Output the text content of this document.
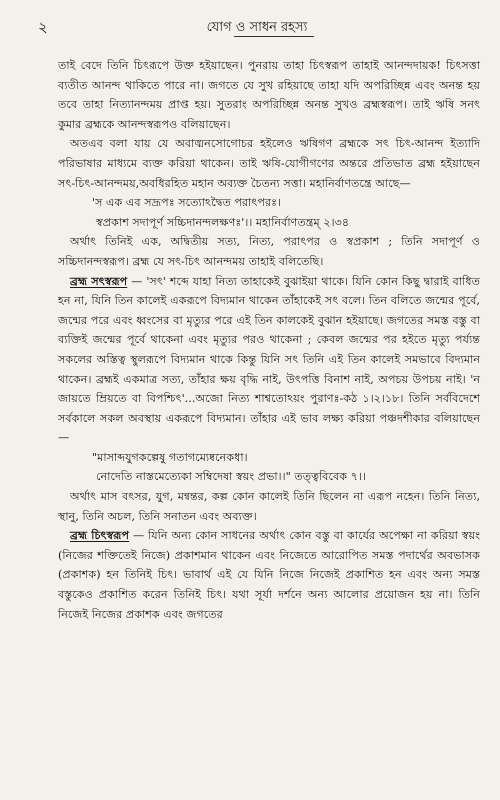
২	যোগ ও সাধন রহস্য

তাই বেদে তিনি চিৎরূপে উক্ত হইয়াছেন। পুনরায় তাহা চিৎস্বরূপ তাহাই আনন্দদায়ক! চিৎসত্তা ব্যতীত আনন্দ থাকিতে পারে না। জগতে যে সুখ রহিয়াছে তাহা যদি অপরিচ্ছিন্ন এবং অনন্ত হয় তবে তাহা নিত্যানন্দময় প্রাপ্ত হয়। সুতরাং অপরিচ্ছিন্ন অনন্ত সুখও ব্রহ্মস্বরূপ। তাই ঋষি সনৎ কুমার ব্রহ্মকে আনন্দস্বরূপও বলিয়াছেন।

অতএব বলা যায় যে অবাঙ্মনসোগোচর হইলেও ঋষিগণ ব্রহ্মকে সৎ চিৎ-আনন্দ ইত্যাদি পরিভাষার মাধ্যমে ব্যক্ত করিয়া থাকেন। তাই ঋষি-যোগীগণের অন্তরে প্রতিভাত ব্রহ্ম হইয়াছেন সৎ-চিৎ-আনন্দময়,অবধিরহিত মহান অব্যক্ত চৈতন্য সত্তা। মহানির্বাণতন্ত্রে আছে—

'স এক এব সদ্রূপঃ সত্যোঽদ্বৈত পরাৎপরঃ।

স্বপ্রকাশ সদাপূর্ণ সচ্চিদানন্দলক্ষণঃ'।। মহানির্বাণতন্ত্রম্ ২।৩৪

অর্থাৎ তিনিই এক, অদ্বিতীয় সত্য, নিত্য, পরাৎপর ও স্বপ্রকাশ ; তিনি সদাপূর্ণ ও সচ্চিদানন্দস্বরূপ। ব্রহ্ম যে সৎ-চিৎ আনন্দময় তাহাই বলিতেছি।

ব্রহ্ম সৎস্বরূপ — 'সৎ' শব্দে যাহা নিত্য তাহাকেই বুঝাইয়া থাকে। যিনি কোন কিছু দ্বারাই বাধিত হন না, যিনি তিন কালেই একরূপে বিদ্যমান থাকেন তাঁহাকেই সৎ বলে। তিন বলিতে জন্মের পূর্বে, জন্মের পরে এবং ধ্বংসের বা মৃত্যুর পরে এই তিন কালকেই বুঝান হইয়াছে। জগতের সমস্ত বস্তু বা ব্যক্তিই জন্মের পূর্বে থাকেনা এবং মৃত্যুর পরও থাকেনা ; কেবল জন্মের পর হইতে মৃত্যু পর্য্যন্ত সকলের অস্তিত্ব স্থুলরূপে বিদ্যমান থাকে কিন্তু যিনি সৎ তিনি এই তিন কালেই সমভাবে বিদ্যমান থাকেন। ব্রহ্মই একমাত্র সত্য, তাঁহার ক্ষয় বৃদ্ধি নাই, উৎপত্তি বিনাশ নাই, অপচয় উপচয় নাই। 'ন জায়তে ম্রিয়তে বা বিপশ্চিৎ'...অজো নিত্য শাশ্বতোঽয়ং পুরাণঃ-কঠ ১।২।১৮। তিনি সর্ববিদেশে সর্বকালে সকল অবস্থায় একরূপে বিদ্যমান। তাঁহার এই ভাব লক্ষ্য করিয়া পঞ্চদশীকার বলিয়াছেন—

"মাসাব্দযুগকল্পেষু গতাগম্যেষ্বনেকধা।

নোদেতি নাস্তমেত্যেকা সম্বিদেষা স্বয়ং প্রভা।।" তত্ত্ববিবেক ৭।।

অর্থাৎ মাস বৎসর, যুগ, মন্বন্তর, কল্প কোন কালেই তিনি ছিলেন না এরূপ নহেন। তিনি নিত্য, স্থানু, তিনি অচল, তিনি সনাতন এবং অব্যক্ত।

ব্রহ্ম চিৎস্বরূপ — যিনি অন্য কোন সাধনের অর্থাৎ কোন বস্তু বা কার্যের অপেক্ষা না করিয়া স্বয়ং (নিজের শক্তিতেই নিজে) প্রকাশমান থাকেন এবং নিজেতে আরোপিত সমস্ত পদার্থের অবভাসক (প্রকাশক) হন তিনিই চিৎ। ভাবার্থ এই যে যিনি নিজে নিজেই প্রকাশিত হন এবং অন্য সমস্ত বস্তুকেও প্রকাশিত করেন তিনিই চিৎ। যথা সূর্যা দর্শনে অন্য আলোর প্রয়োজন হয় না। তিনি নিজেই নিজের প্রকাশক এবং জগতের
